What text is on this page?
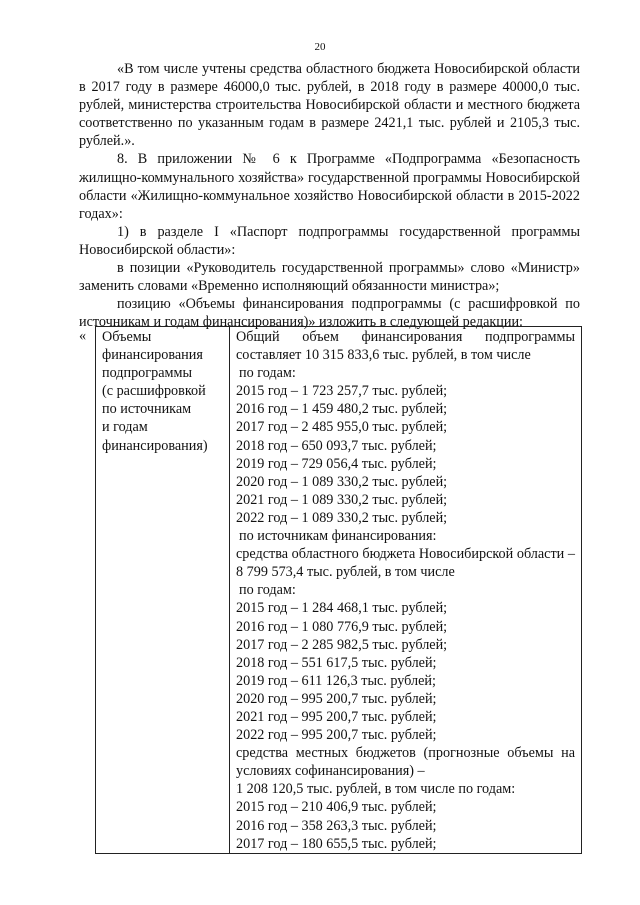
20

«В том числе учтены средства областного бюджета Новосибирской области в 2017 году в размере 46000,0 тыс. рублей, в 2018 году в размере 40000,0 тыс. рублей, министерства строительства Новосибирской области и местного бюджета соответственно по указанным годам в размере 2421,1 тыс. рублей и 2105,3 тыс. рублей.».

8. В приложении № 6 к Программе «Подпрограмма «Безопасность жилищно-коммунального хозяйства» государственной программы Новосибирской области «Жилищно-коммунальное хозяйство Новосибирской области в 2015-2022 годах»:

1) в разделе I «Паспорт подпрограммы государственной программы Новосибирской области»:

в позиции «Руководитель государственной программы» слово «Министр» заменить словами «Временно исполняющий обязанности министра»;

позицию «Объемы финансирования подпрограммы (с расшифровкой по источникам и годам финансирования)» изложить в следующей редакции:

« Объемы
финансирования
подпрограммы
(с расшифровкой
по источникам
и годам
финансирования)

Общий объем финансирования подпрограммы составляет 10 315 833,6 тыс. рублей, в том числе
по годам:
2015 год – 1 723 257,7 тыс. рублей;
2016 год – 1 459 480,2 тыс. рублей;
2017 год – 2 485 955,0 тыс. рублей;
2018 год – 650 093,7 тыс. рублей;
2019 год – 729 056,4 тыс. рублей;
2020 год – 1 089 330,2 тыс. рублей;
2021 год – 1 089 330,2 тыс. рублей;
2022 год – 1 089 330,2 тыс. рублей;
по источникам финансирования:
средства областного бюджета Новосибирской области – 8 799 573,4 тыс. рублей, в том числе
по годам:
2015 год – 1 284 468,1 тыс. рублей;
2016 год – 1 080 776,9 тыс. рублей;
2017 год – 2 285 982,5 тыс. рублей;
2018 год – 551 617,5 тыс. рублей;
2019 год – 611 126,3 тыс. рублей;
2020 год – 995 200,7 тыс. рублей;
2021 год – 995 200,7 тыс. рублей;
2022 год – 995 200,7 тыс. рублей;
средства местных бюджетов (прогнозные объемы на условиях софинансирования) –
1 208 120,5 тыс. рублей, в том числе по годам:
2015 год – 210 406,9 тыс. рублей;
2016 год – 358 263,3 тыс. рублей;
2017 год – 180 655,5 тыс. рублей;
